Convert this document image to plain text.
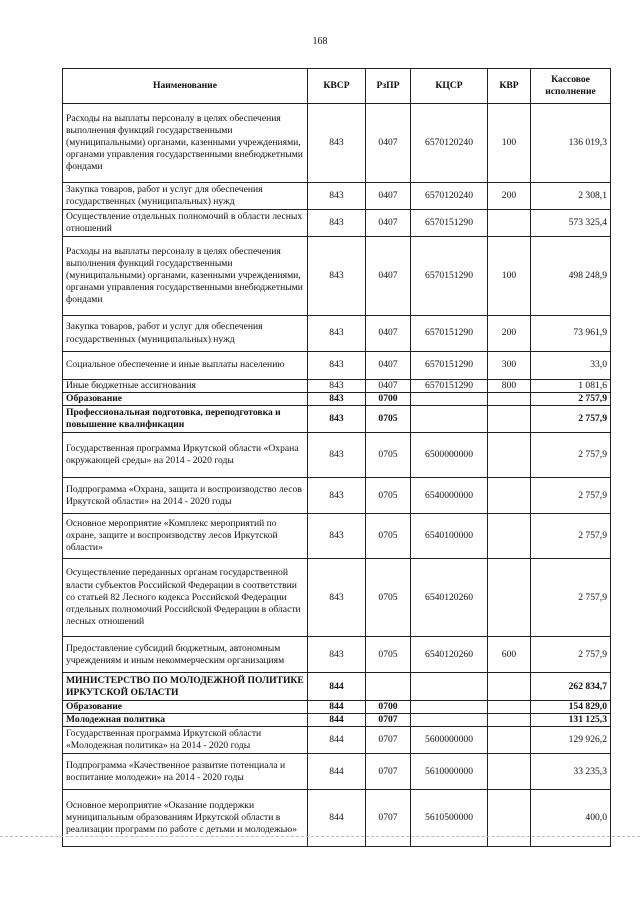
168
Наименование	КВСР	РзПР	КЦСР	КВР	Кассовое исполнение
Расходы на выплаты персоналу в целях обеспечения выполнения функций государственными (муниципальными) органами, казенными учреждениями, органами управления государственными внебюджетными фондами	843	0407	6570120240	100	136 019,3
Закупка товаров, работ и услуг для обеспечения государственных (муниципальных) нужд	843	0407	6570120240	200	2 308,1
Осуществление отдельных полномочий в области лесных отношений	843	0407	6570151290		573 325,4
Расходы на выплаты персоналу в целях обеспечения выполнения функций государственными (муниципальными) органами, казенными учреждениями, органами управления государственными внебюджетными фондами	843	0407	6570151290	100	498 248,9
Закупка товаров, работ и услуг для обеспечения государственных (муниципальных) нужд	843	0407	6570151290	200	73 961,9
Социальное обеспечение и иные выплаты населению	843	0407	6570151290	300	33,0
Иные бюджетные ассигнования	843	0407	6570151290	800	1 081,6
Образование	843	0700			2 757,9
Профессиональная подготовка, переподготовка и повышение квалификации	843	0705			2 757,9
Государственная программа Иркутской области «Охрана окружающей среды» на 2014 - 2020 годы	843	0705	6500000000		2 757,9
Подпрограмма «Охрана, защита и воспроизводство лесов Иркутской области» на 2014 - 2020 годы	843	0705	6540000000		2 757,9
Основное мероприятие «Комплекс мероприятий по охране, защите и воспроизводству лесов Иркутской области»	843	0705	6540100000		2 757,9
Осуществление переданных органам государственной власти субъектов Российской Федерации в соответствии со статьей 82 Лесного кодекса Российской Федерации отдельных полномочий Российской Федерации в области лесных отношений	843	0705	6540120260		2 757,9
Предоставление субсидий бюджетным, автономным учреждениям и иным некоммерческим организациям	843	0705	6540120260	600	2 757,9
МИНИСТЕРСТВО ПО МОЛОДЕЖНОЙ ПОЛИТИКЕ ИРКУТСКОЙ ОБЛАСТИ	844				262 834,7
Образование	844	0700			154 829,0
Молодежная политика	844	0707			131 125,3
Государственная программа Иркутской области «Молодежная политика» на 2014 - 2020 годы	844	0707	5600000000		129 926,2
Подпрограмма «Качественное развитие потенциала и воспитание молодежи» на 2014 - 2020 годы	844	0707	5610000000		33 235,3
Основное мероприятие «Оказание поддержки муниципальным образованиям Иркутской области в реализации программ по работе с детьми и молодежью»	844	0707	5610500000		400,0
